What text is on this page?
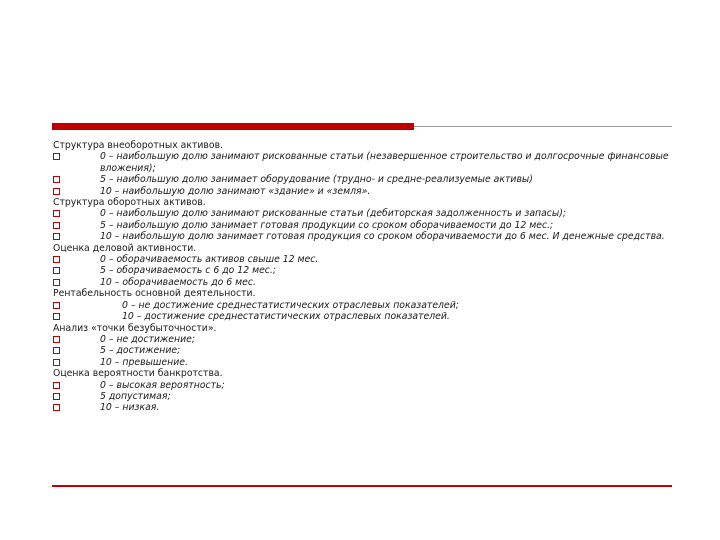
Структура внеоборотных активов.
0 – наибольшую долю занимают рискованные статьи (незавершенное строительство и долгосрочные финансовые вложения);
5 – наибольшую долю занимает оборудование (трудно- и средне-реализуемые активы)
10 – наибольшую долю занимают «здание» и «земля».
Структура оборотных активов.
0 – наибольшую долю занимают рискованные статьи (дебиторская задолженность и запасы);
5 – наибольшую долю занимает готовая продукции со сроком оборачиваемости до 12 мес.;
10 – наибольшую долю занимает готовая продукция со сроком оборачиваемости до 6 мес. И денежные средства.
Оценка деловой активности.
0 – оборачиваемость активов свыше 12 мес.
5 – оборачиваемость с 6 до 12 мес.;
10 – оборачиваемость до 6 мес.
Рентабельность основной деятельности.
0 – не достижение среднестатистических отраслевых показателей;
10 – достижение среднестатистических отраслевых показателей.
Анализ «точки безубыточности».
0 – не достижение;
5 – достижение;
10 – превышение.
Оценка вероятности банкротства.
0 – высокая вероятность;
5 допустимая;
10 – низкая.
